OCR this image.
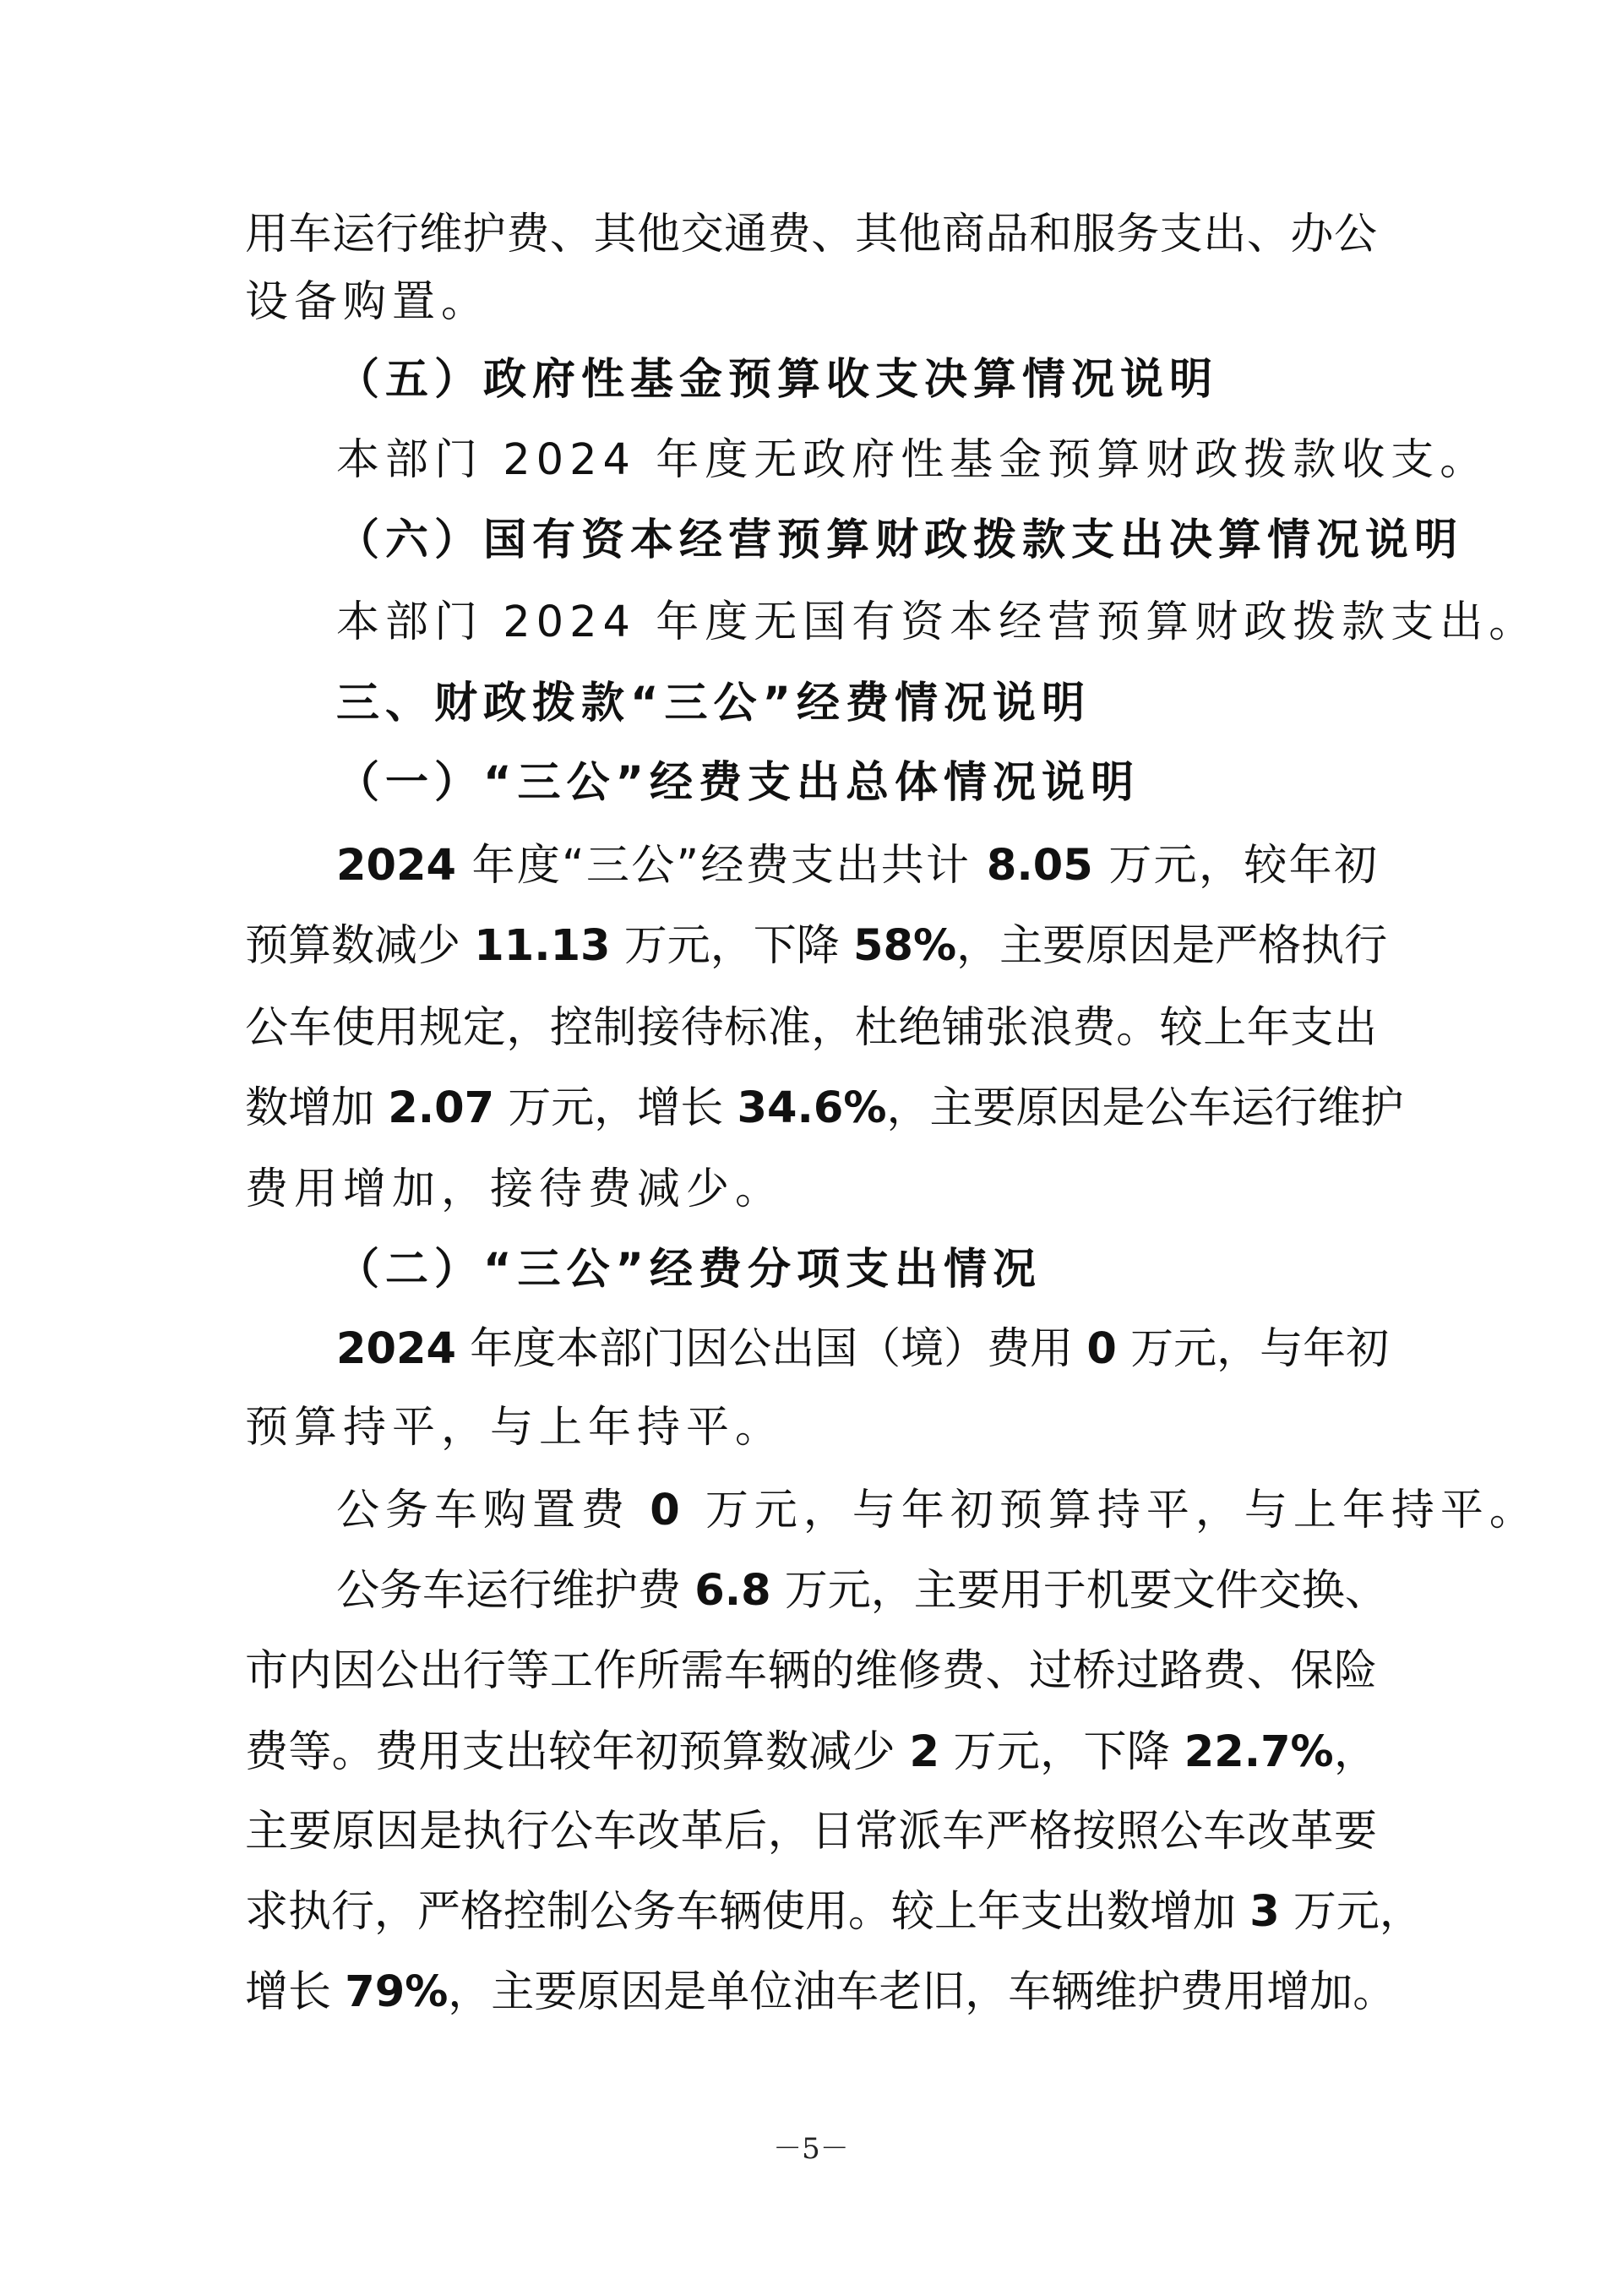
用车运行维护费、其他交通费、其他商品和服务支出、办公
设备购置。
（五）政府性基金预算收支决算情况说明
本部门 2024 年度无政府性基金预算财政拨款收支。
（六）国有资本经营预算财政拨款支出决算情况说明
本部门 2024 年度无国有资本经营预算财政拨款支出。
三、财政拨款“三公”经费情况说明
（一）“三公”经费支出总体情况说明
2024 年度“三公”经费支出共计 8.05 万元，较年初
预算数减少 11.13 万元，下降 58%，主要原因是严格执行
公车使用规定，控制接待标准，杜绝铺张浪费。较上年支出
数增加 2.07 万元，增长 34.6%，主要原因是公车运行维护
费用增加，接待费减少。
（二）“三公”经费分项支出情况
2024 年度本部门因公出国（境）费用 0 万元，与年初
预算持平，与上年持平。
公务车购置费 0 万元，与年初预算持平，与上年持平。
公务车运行维护费 6.8 万元，主要用于机要文件交换、
市内因公出行等工作所需车辆的维修费、过桥过路费、保险
费等。费用支出较年初预算数减少 2 万元，下降 22.7%，
主要原因是执行公车改革后，日常派车严格按照公车改革要
求执行，严格控制公务车辆使用。较上年支出数增加 3 万元，
增长 79%，主要原因是单位油车老旧，车辆维护费用增加。
－5－
